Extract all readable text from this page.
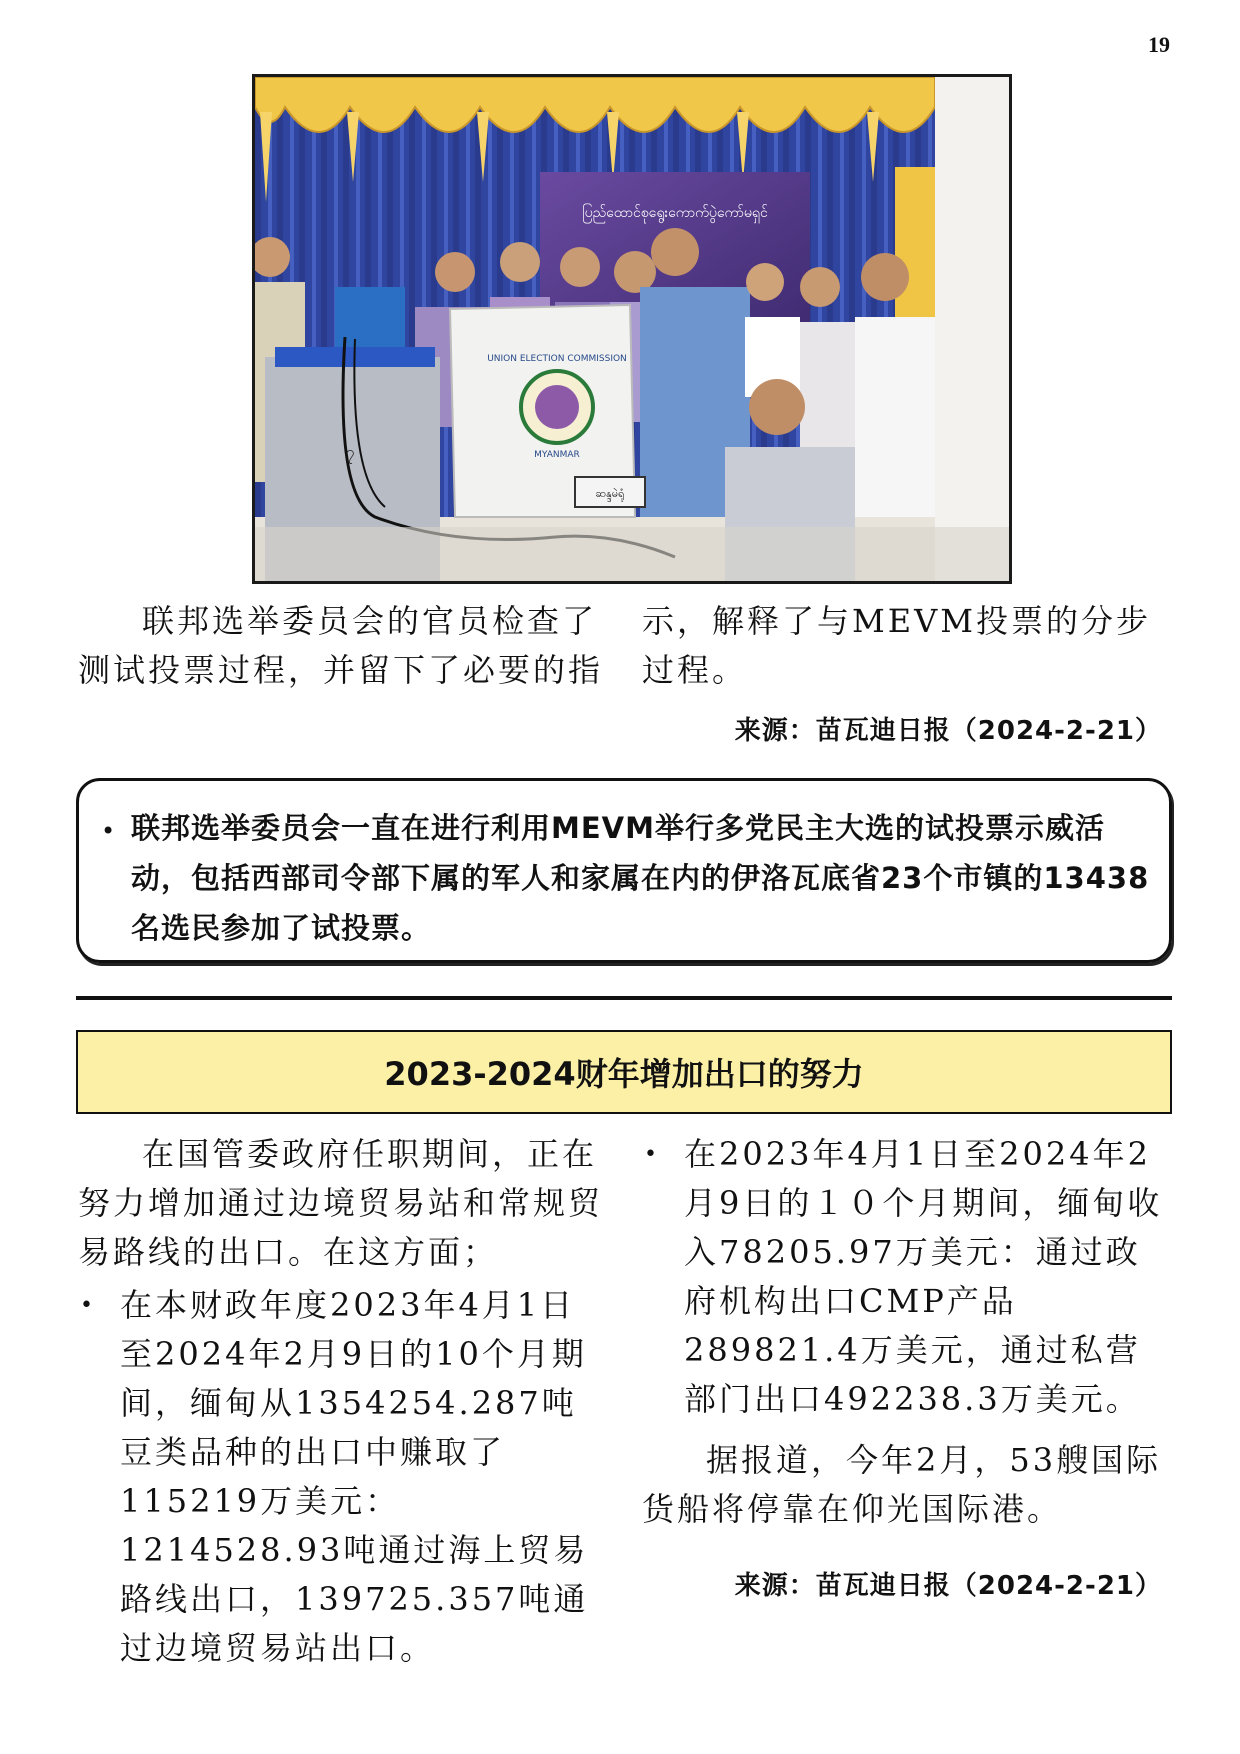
19
ပြည်ထောင်စုရွေးကောက်ပွဲကော်မရှင်
၇
UNION ELECTION COMMISSION
MYANMAR
ဆန္ဒမဲရုံ

联邦选举委员会的官员检查了测试投票过程，并留下了必要的指

示，解释了与MEVM投票的分步过程。

来源：苗瓦迪日报（2024-2-21）
• 联邦选举委员会一直在进行利用MEVM举行多党民主大选的试投票示威活动，包括西部司令部下属的军人和家属在内的伊洛瓦底省23个市镇的13438名选民参加了试投票。
2023-2024财年增加出口的努力

在国管委政府任职期间，正在努力增加通过边境贸易站和常规贸易路线的出口。在这方面；

• 在本财政年度2023年4月1日至2024年2月9日的10个月期间，缅甸从1354254.287吨豆类品种的出口中赚取了115219万美元：1214528.93吨通过海上贸易路线出口，139725.357吨通过边境贸易站出口。

• 在2023年4月1日至2024年2月9日的１０个月期间，缅甸收入78205.97万美元：通过政府机构出口CMP产品289821.4万美元，通过私营部门出口492238.3万美元。

据报道，今年2月，53艘国际货船将停靠在仰光国际港。

来源：苗瓦迪日报（2024-2-21）
